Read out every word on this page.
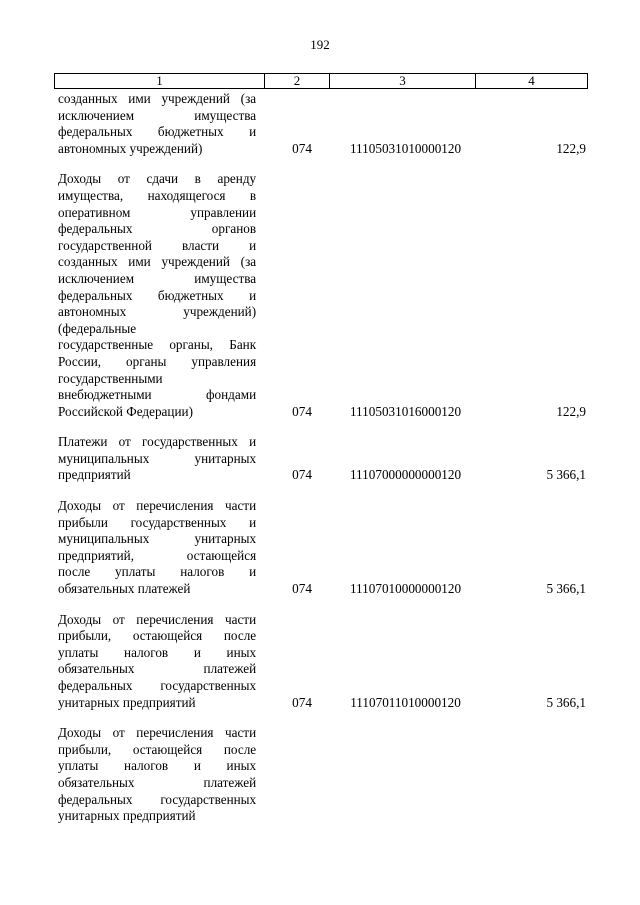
192
1	2	3	4
созданных ими учреждений (за
исключением имущества
федеральных бюджетных и
автономных учреждений)	074	11105031010000120	122,9
Доходы от сдачи в аренду
имущества, находящегося в
оперативном управлении
федеральных органов
государственной власти и
созданных ими учреждений (за
исключением имущества
федеральных бюджетных и
автономных учреждений)
(федеральные
государственные органы, Банк
России, органы управления
государственными
внебюджетными фондами
Российской Федерации)	074	11105031016000120	122,9
Платежи от государственных и
муниципальных унитарных
предприятий	074	11107000000000120	5 366,1
Доходы от перечисления части
прибыли государственных и
муниципальных унитарных
предприятий, остающейся
после уплаты налогов и
обязательных платежей	074	11107010000000120	5 366,1
Доходы от перечисления части
прибыли, остающейся после
уплаты налогов и иных
обязательных платежей
федеральных государственных
унитарных предприятий	074	11107011010000120	5 366,1
Доходы от перечисления части
прибыли, остающейся после
уплаты налогов и иных
обязательных платежей
федеральных государственных
унитарных предприятий
